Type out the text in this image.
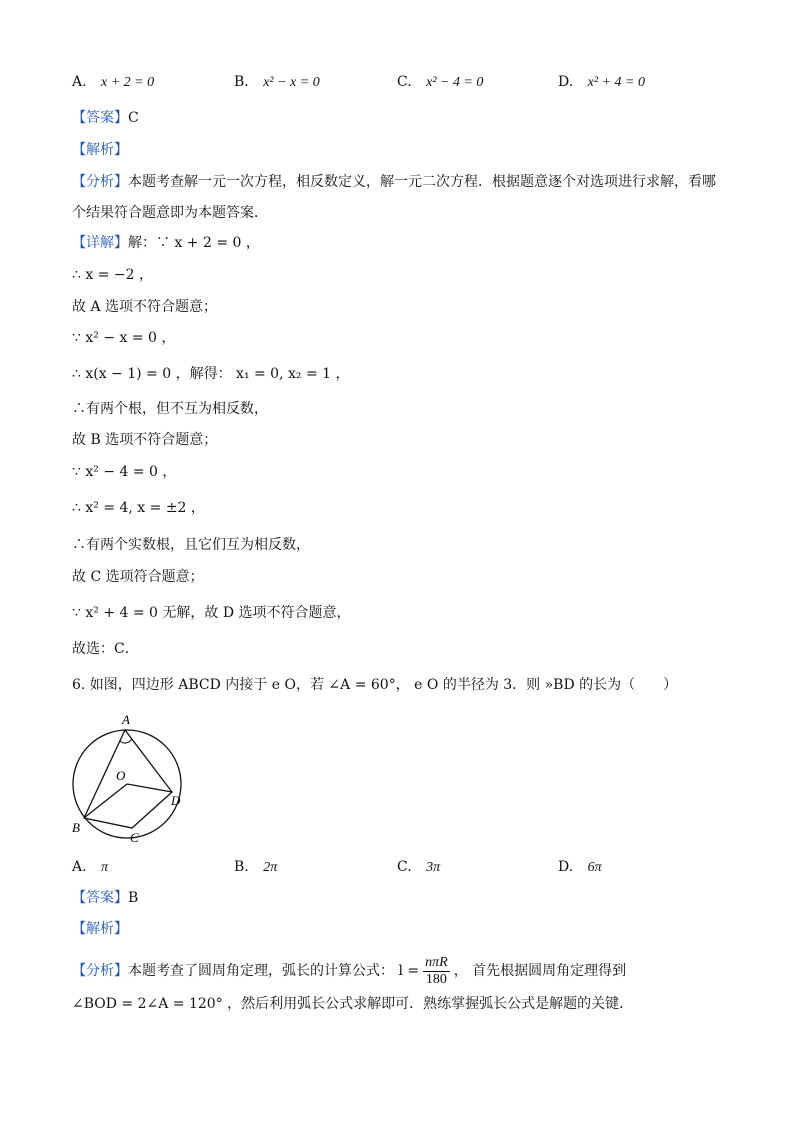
A. x + 2 = 0	B. x² − x = 0	C. x² − 4 = 0	D. x² + 4 = 0
【答案】C
【解析】
【分析】本题考查解一元一次方程，相反数定义，解一元二次方程．根据题意逐个对选项进行求解，看哪
个结果符合题意即为本题答案．
【详解】解：∵ x + 2 = 0 ，
∴ x = −2 ，
故 A 选项不符合题意；
∵ x² − x = 0 ，
∴ x(x − 1) = 0 ，解得： x₁ = 0, x₂ = 1 ，
∴有两个根，但不互为相反数，
故 B 选项不符合题意；
∵ x² − 4 = 0 ，
∴ x² = 4, x = ±2 ，
∴有两个实数根，且它们互为相反数，
故 C 选项符合题意；
∵ x² + 4 = 0 无解，故 D 选项不符合题意，
故选：C．
6. 如图，四边形 ABCD 内接于 e O，若 ∠A = 60°， e O 的半径为 3．则 »BD 的长为（　　）
A
O
B
C
D
A. π	B. 2π	C. 3π	D. 6π
【答案】B
【解析】
【分析】本题考查了圆周角定理，弧长的计算公式： $l = \frac{\text{nπR}}{180}$ ， 首先根据圆周角定理得到
∠BOD = 2∠A = 120° ，然后利用弧长公式求解即可．熟练掌握弧长公式是解题的关键．
